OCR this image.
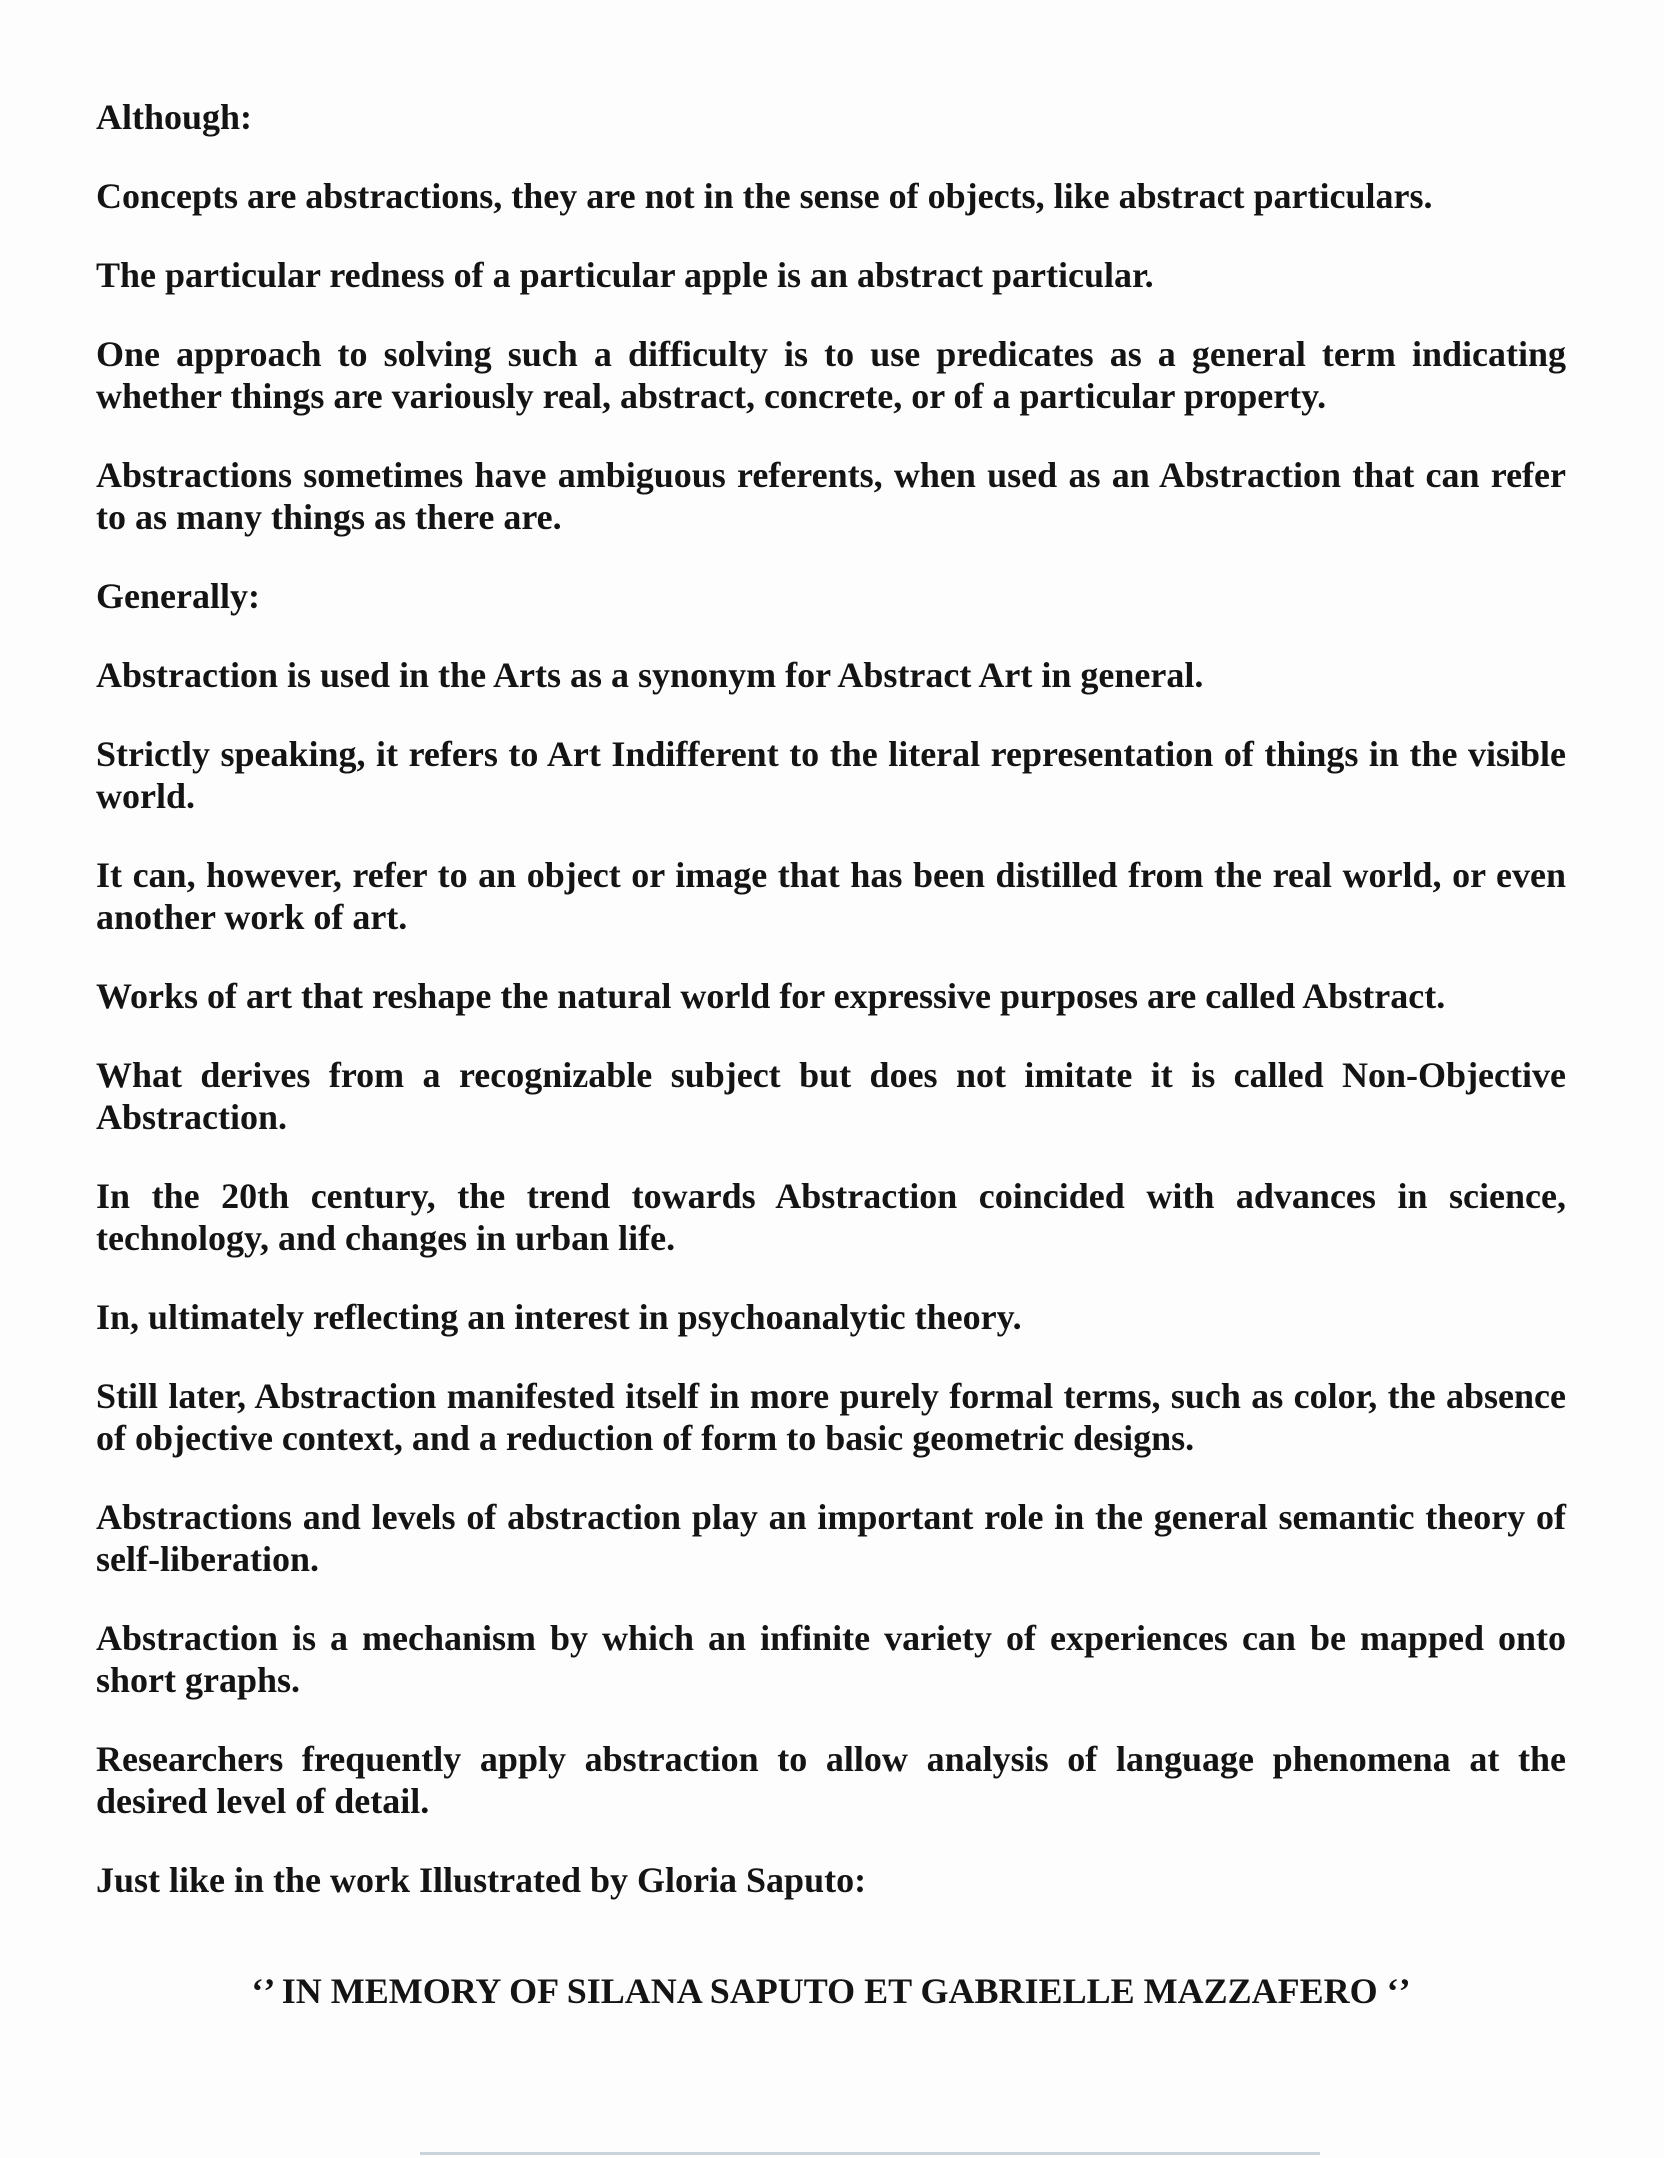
Although:

Concepts are abstractions, they are not in the sense of objects, like abstract particulars.

The particular redness of a particular apple is an abstract particular.

One approach to solving such a difficulty is to use predicates as a general term indicating whether things are variously real, abstract, concrete, or of a particular property.

Abstractions sometimes have ambiguous referents, when used as an Abstraction that can refer to as many things as there are.

Generally:

Abstraction is used in the Arts as a synonym for Abstract Art in general.

Strictly speaking, it refers to Art Indifferent to the literal representation of things in the visible world.

It can, however, refer to an object or image that has been distilled from the real world, or even another work of art.

Works of art that reshape the natural world for expressive purposes are called Abstract.

What derives from a recognizable subject but does not imitate it is called Non-Objective Abstraction.

In the 20th century, the trend towards Abstraction coincided with advances in science, technology, and changes in urban life.

In, ultimately reflecting an interest in psychoanalytic theory.

Still later, Abstraction manifested itself in more purely formal terms, such as color, the absence of objective context, and a reduction of form to basic geometric designs.

Abstractions and levels of abstraction play an important role in the general semantic theory of self-liberation.

Abstraction is a mechanism by which an infinite variety of experiences can be mapped onto short graphs.

Researchers frequently apply abstraction to allow analysis of language phenomena at the desired level of detail.

Just like in the work Illustrated by Gloria Saputo:

‘’ IN MEMORY OF SILANA SAPUTO ET GABRIELLE MAZZAFERO ‘’
